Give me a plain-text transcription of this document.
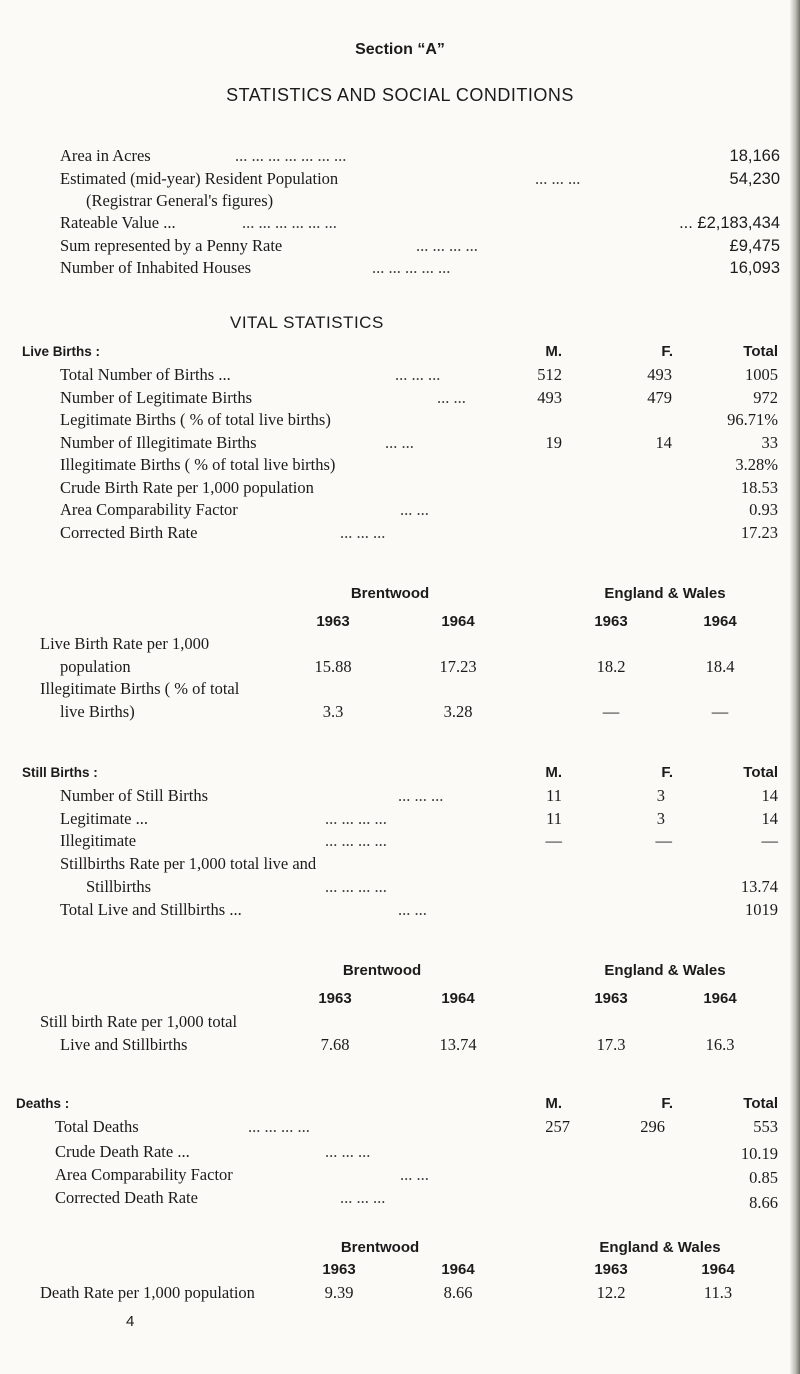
Section “A”
STATISTICS AND SOCIAL CONDITIONS
Area in Acres	... ... ... ... ... ... ...	18,166
Estimated (mid-year) Resident Population	... ... ...	54,230
(Registrar General's figures)
Rateable Value ...	... ... ... ... ... ...	... £2,183,434
Sum represented by a Penny Rate	... ... ... ...	£9,475
Number of Inhabited Houses	... ... ... ... ...	16,093
VITAL STATISTICS
Live Births :	M.	F.	Total
Total Number of Births ...	... ... ...	512	493	1005
Number of Legitimate Births	... ...	493	479	972
Legitimate Births ( % of total live births)	96.71%
Number of Illegitimate Births	... ...	19	14	33
Illegitimate Births ( % of total live births)	3.28%
Crude Birth Rate per 1,000 population	18.53
Area Comparability Factor	... ...	0.93
Corrected Birth Rate	... ... ...	17.23
Brentwood	England & Wales
1963	1964	1963	1964
Live Birth Rate per 1,000
population	15.88	17.23	18.2	18.4
Illegitimate Births ( % of total
live Births)	3.3	3.28	—	—
Still Births :	M.	F.	Total
Number of Still Births	... ... ...	11	3	14
Legitimate ...	... ... ... ...	11	3	14
Illegitimate	... ... ... ...	—	—	—
Stillbirths Rate per 1,000 total live and
Stillbirths	... ... ... ...	13.74
Total Live and Stillbirths ...	... ...	1019
Brentwood	England & Wales
1963	1964	1963	1964
Still birth Rate per 1,000 total
Live and Stillbirths	7.68	13.74	17.3	16.3
Deaths :	M.	F.	Total
Total Deaths	... ... ... ...	257	296	553
Crude Death Rate ...	... ... ...	10.19
Area Comparability Factor	... ...	0.85
Corrected Death Rate	... ... ...	8.66
Brentwood	England & Wales
1963	1964	1963	1964
Death Rate per 1,000 population	9.39	8.66	12.2	11.3
4
